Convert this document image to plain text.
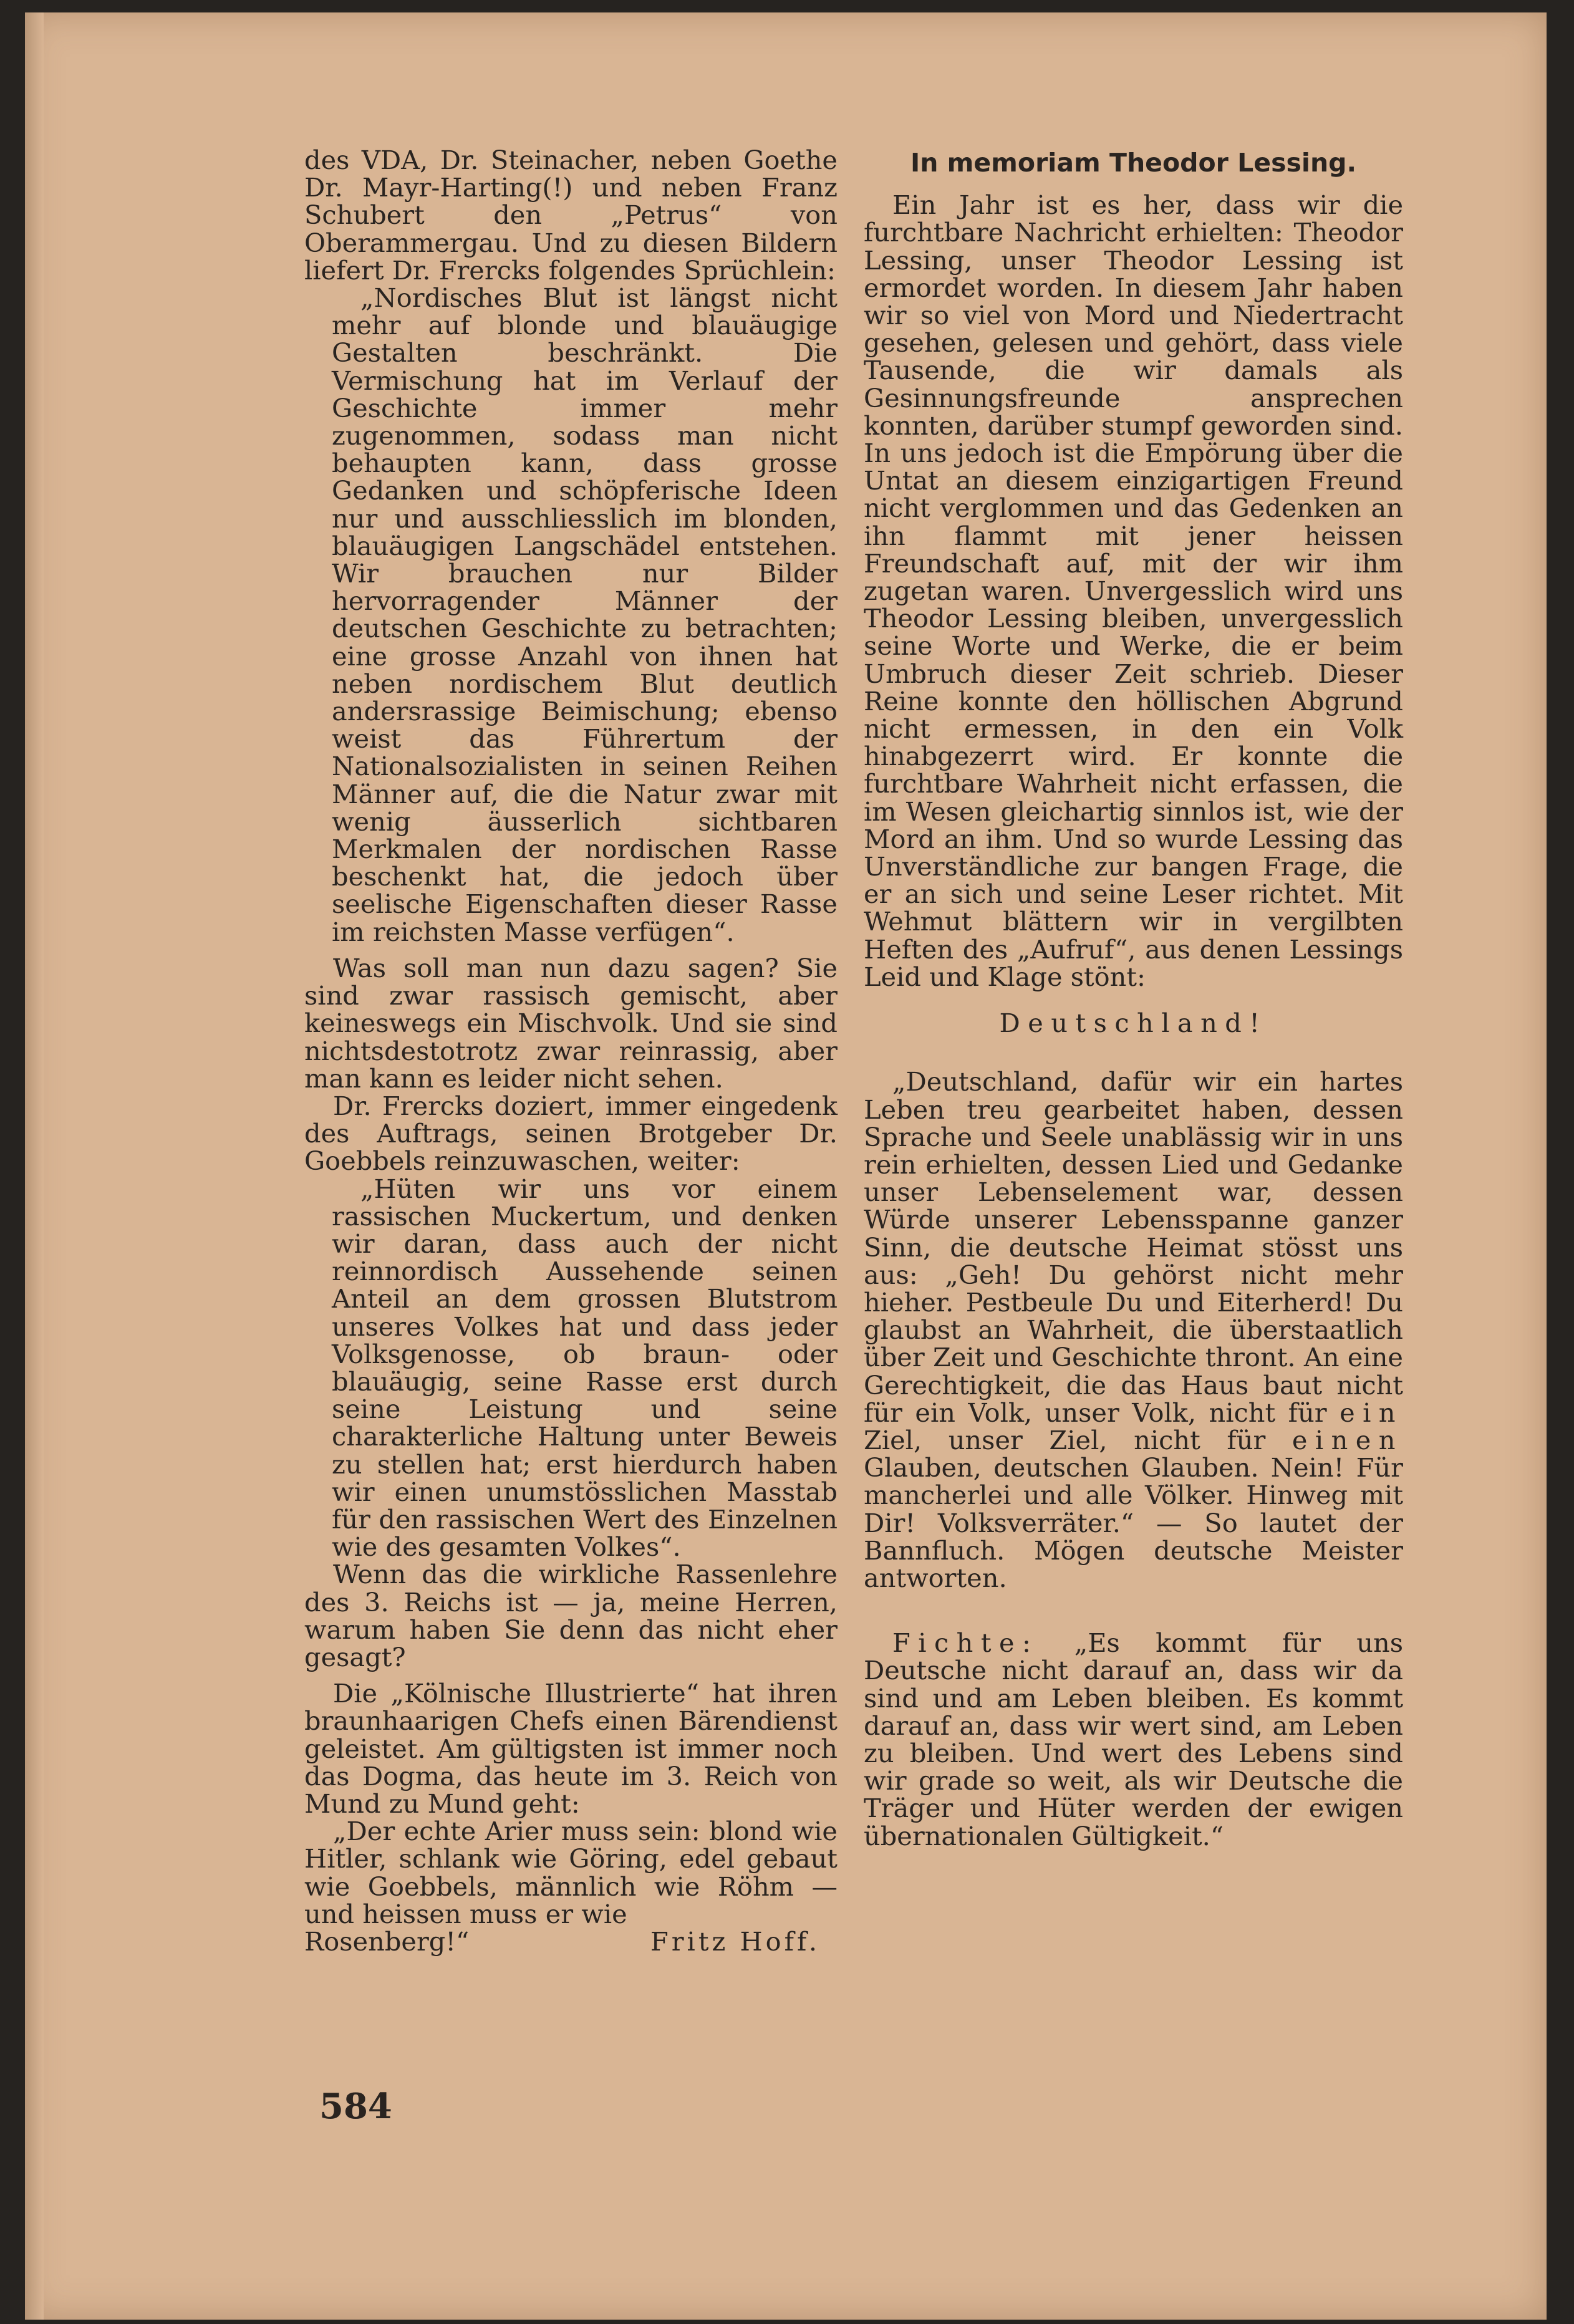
des VDA, Dr. Steinacher, neben Goethe Dr. Mayr-Harting(!) und neben Franz Schubert den „Petrus“ von Oberammergau. Und zu diesen Bildern liefert Dr. Frercks folgendes Sprüchlein:

„Nordisches Blut ist längst nicht mehr auf blonde und blauäugige Gestalten beschränkt. Die Vermischung hat im Verlauf der Geschichte immer mehr zugenommen, sodass man nicht behaupten kann, dass grosse Gedanken und schöpferische Ideen nur und ausschliesslich im blonden, blauäugigen Langschädel entstehen. Wir brauchen nur Bilder hervorragender Männer der deutschen Geschichte zu betrachten; eine grosse Anzahl von ihnen hat neben nordischem Blut deutlich andersrassige Beimischung; ebenso weist das Führertum der Nationalsozialisten in seinen Reihen Männer auf, die die Natur zwar mit wenig äusserlich sichtbaren Merkmalen der nordischen Rasse beschenkt hat, die jedoch über seelische Eigenschaften dieser Rasse im reichsten Masse verfügen“.

Was soll man nun dazu sagen? Sie sind zwar rassisch gemischt, aber keineswegs ein Mischvolk. Und sie sind nichtsdestotrotz zwar reinrassig, aber man kann es leider nicht sehen.

Dr. Frercks doziert, immer eingedenk des Auftrags, seinen Brotgeber Dr. Goebbels reinzuwaschen, weiter:

„Hüten wir uns vor einem rassischen Muckertum, und denken wir daran, dass auch der nicht reinnordisch Aussehende seinen Anteil an dem grossen Blutstrom unseres Volkes hat und dass jeder Volksgenosse, ob braun- oder blauäugig, seine Rasse erst durch seine Leistung und seine charakterliche Haltung unter Beweis zu stellen hat; erst hierdurch haben wir einen unumstösslichen Masstab für den rassischen Wert des Einzelnen wie des gesamten Volkes“.

Wenn das die wirkliche Rassenlehre des 3. Reichs ist — ja, meine Herren, warum haben Sie denn das nicht eher gesagt?

Die „Kölnische Illustrierte“ hat ihren braunhaarigen Chefs einen Bärendienst geleistet. Am gültigsten ist immer noch das Dogma, das heute im 3. Reich von Mund zu Mund geht:

„Der echte Arier muss sein: blond wie Hitler, schlank wie Göring, edel gebaut wie Goebbels, männlich wie Röhm — und heissen muss er wie

Rosenberg!“	Fritz Hoff.
In memoriam Theodor Lessing.

Ein Jahr ist es her, dass wir die furchtbare Nachricht erhielten: Theodor Lessing, unser Theodor Lessing ist ermordet worden. In diesem Jahr haben wir so viel von Mord und Niedertracht gesehen, gelesen und gehört, dass viele Tausende, die wir damals als Gesinnungsfreunde ansprechen konnten, darüber stumpf geworden sind. In uns jedoch ist die Empörung über die Untat an diesem einzigartigen Freund nicht verglommen und das Gedenken an ihn flammt mit jener heissen Freundschaft auf, mit der wir ihm zugetan waren. Unvergesslich wird uns Theodor Lessing bleiben, unvergesslich seine Worte und Werke, die er beim Umbruch dieser Zeit schrieb. Dieser Reine konnte den höllischen Abgrund nicht ermessen, in den ein Volk hinabgezerrt wird. Er konnte die furchtbare Wahrheit nicht erfassen, die im Wesen gleichartig sinnlos ist, wie der Mord an ihm. Und so wurde Lessing das Unverständliche zur bangen Frage, die er an sich und seine Leser richtet. Mit Wehmut blättern wir in vergilbten Heften des „Aufruf“, aus denen Lessings Leid und Klage stönt:

Deutschland!

„Deutschland, dafür wir ein hartes Leben treu gearbeitet haben, dessen Sprache und Seele unablässig wir in uns rein erhielten, dessen Lied und Gedanke unser Lebenselement war, dessen Würde unserer Lebensspanne ganzer Sinn, die deutsche Heimat stösst uns aus: „Geh! Du gehörst nicht mehr hieher. Pestbeule Du und Eiterherd! Du glaubst an Wahrheit, die überstaatlich über Zeit und Geschichte thront. An eine Gerechtigkeit, die das Haus baut nicht für ein Volk, unser Volk, nicht für ein Ziel, unser Ziel, nicht für einen Glauben, deutschen Glauben. Nein! Für mancherlei und alle Völker. Hinweg mit Dir! Volksverräter.“ — So lautet der Bannfluch. Mögen deutsche Meister antworten.

Fichte: „Es kommt für uns Deutsche nicht darauf an, dass wir da sind und am Leben bleiben. Es kommt darauf an, dass wir wert sind, am Leben zu bleiben. Und wert des Lebens sind wir grade so weit, als wir Deutsche die Träger und Hüter werden der ewigen übernationalen Gültigkeit.“

584
